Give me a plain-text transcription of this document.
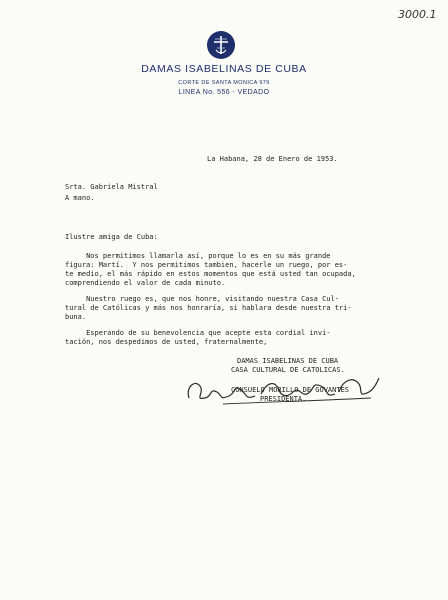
3000.1
DAMAS ISABELINAS DE CUBA
CORTE DE SANTA MONICA 979
LINEA No. 556 - VEDADO
La Habana, 28 de Enero de 1953.
Srta. Gabriela Mistral
A mano.
Ilustre amiga de Cuba:
Nos permitimos llamarla así, porque lo es en su más grande
figura: Martí.  Y nos permitimos tambien, hacerle un ruego, por es-
te medio, el más rápido en estos momentos que está usted tan ocupada,
comprendiendo el valor de cada minuto.
Nuestro ruego es, que nos honre, visitando nuestra Casa Cul-
tural de Católicas y más nos honraría, si hablara desde nuestra tri-
buna.
Esperando de su benevolencia que acepte esta cordial invi-
tación, nos despedimos de usted, fraternalmente,
DAMAS ISABELINAS DE CUBA
CASA CULTURAL DE CATOLICAS.
CONSUELO MORILLO DE GOVANTES
PRESIDENTA.
